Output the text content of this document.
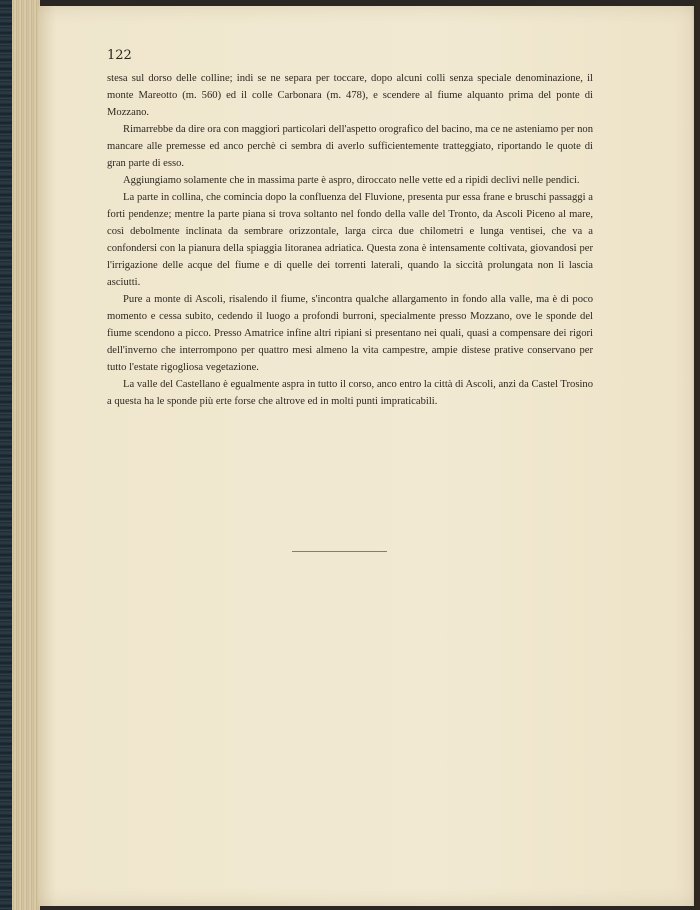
122

stesa sul dorso delle colline; indi se ne separa per toccare, dopo alcuni colli senza speciale denominazione, il monte Mareotto (m. 560) ed il colle Carbonara (m. 478), e scendere al fiume alquanto prima del ponte di Mozzano.

Rimarrebbe da dire ora con maggiori particolari dell'aspetto orografico del bacino, ma ce ne asteniamo per non mancare alle premesse ed anco perchè ci sembra di averlo sufficientemente trattеggiato, riportando le quote di gran parte di esso.

Aggiungiamo solamente che in massima parte è aspro, dirocсato nelle vette ed a ripidi declivi nelle pendici.

La parte in collina, che comincia dopo la confluenza del Fluvione, presenta pur essa frane e bruschi passaggi a forti pendenze; mentre la parte piana si trova soltanto nel fondo della valle del Tronto, da Ascoli Piceno al mare, così debolmente inclinata da sembrare orizzontale, larga circa due chilometri e lunga ventisei, che va a confondersi con la pianura della spiaggia litoranea adriatica. Questa zona è intensamente coltivata, giovandosi per l'irrigazione delle acque del fiume e di quelle dei torrenti laterali, quando la siccità prolungata non li lascia asciutti.

Pure a monte di Ascoli, risalendo il fiume, s'incontra qualche allargamento in fondo alla valle, ma è di poco momento e cessa subito, cedendo il luogo a profondi burroni, specialmente presso Mozzano, ove le sponde del fiume scendono a picco. Presso Amatrice infine altri ripiani si presentano nei quali, quasi a compensare dei rigori dell'inverno che interrompono per quattro mesi almeno la vita campestre, ampie distese prative conservano per tutto l'estate rigogliosa vegetazione.

La valle del Castellano è egualmente aspra in tutto il corso, anco entro la città di Ascoli, anzi da Castel Trosino a questa ha le sponde più erte forse che altrove ed in molti punti impraticabili.
